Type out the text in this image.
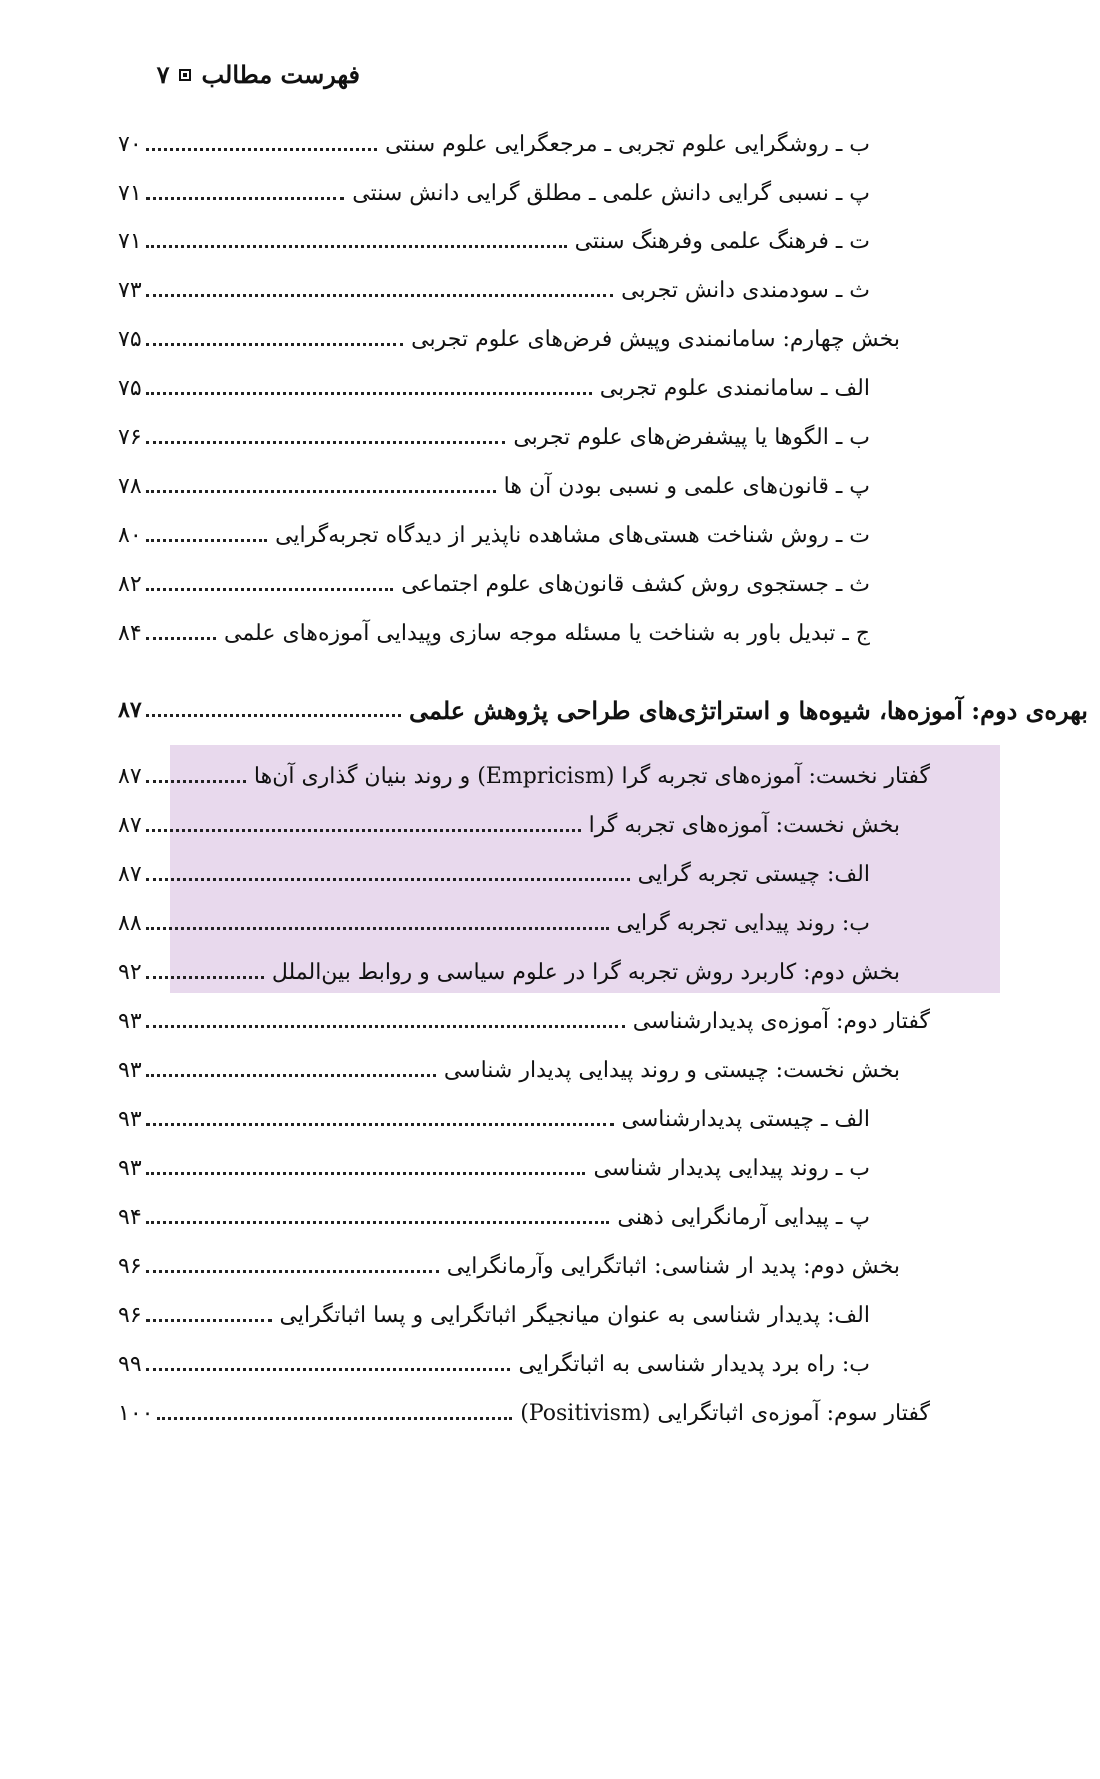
فهرست مطالب
۷
ب ـ روشگرایی علوم تجربی ـ مرجعگرایی علوم سنتی
۷۰
پ ـ نسبی گرایی دانش علمی ـ مطلق گرایی دانش سنتی
۷۱
ت ـ فرهنگ علمی وفرهنگ سنتی
۷۱
ث ـ سودمندی دانش تجربی
۷۳
بخش چهارم: سامانمندی وپیش فرض‌های علوم تجربی
۷۵
الف ـ سامانمندی علوم تجربی
۷۵
ب ـ الگوها یا پیشفرض‌های علوم تجربی
۷۶
پ ـ قانون‌های علمی و نسبی بودن آن ها
۷۸
ت ـ روش شناخت هستی‌های مشاهده ناپذیر از دیدگاه تجربه‌گرایی
۸۰
ث ـ جستجوی روش کشف قانون‌های علوم اجتماعی
۸۲
ج ـ تبدیل باور به شناخت یا مسئله موجه سازی وپیدایی آموزه‌های علمی
۸۴
بهره‌ی دوم: آموزه‌ها، شیوه‌ها و استراتژی‌های طراحی پژوهش علمی
۸۷
گفتار نخست: آموزه‌های تجربه گرا (Empricism) و روند بنیان گذاری آن‌ها
۸۷
بخش نخست: آموزه‌های تجربه گرا
۸۷
الف: چیستی تجربه گرایی
۸۷
ب: روند پیدایی تجربه گرایی
۸۸
بخش دوم: کاربرد روش تجربه گرا در علوم سیاسی و روابط بین‌الملل
۹۲
گفتار دوم: آموزه‌ی پدیدارشناسی
۹۳
بخش نخست: چیستی و روند پیدایی پدیدار شناسی
۹۳
الف ـ چیستی پدیدارشناسی
۹۳
ب ـ روند پیدایی پدیدار شناسی
۹۳
پ ـ پیدایی آرمانگرایی ذهنی
۹۴
بخش دوم: پدید ار شناسی: اثباتگرایی وآرمانگرایی
۹۶
الف: پدیدار شناسی به عنوان میانجیگر اثباتگرایی و پسا اثباتگرایی
۹۶
ب: راه برد پدیدار شناسی به اثباتگرایی
۹۹
گفتار سوم: آموزه‌ی اثباتگرایی (Positivism)
۱۰۰
